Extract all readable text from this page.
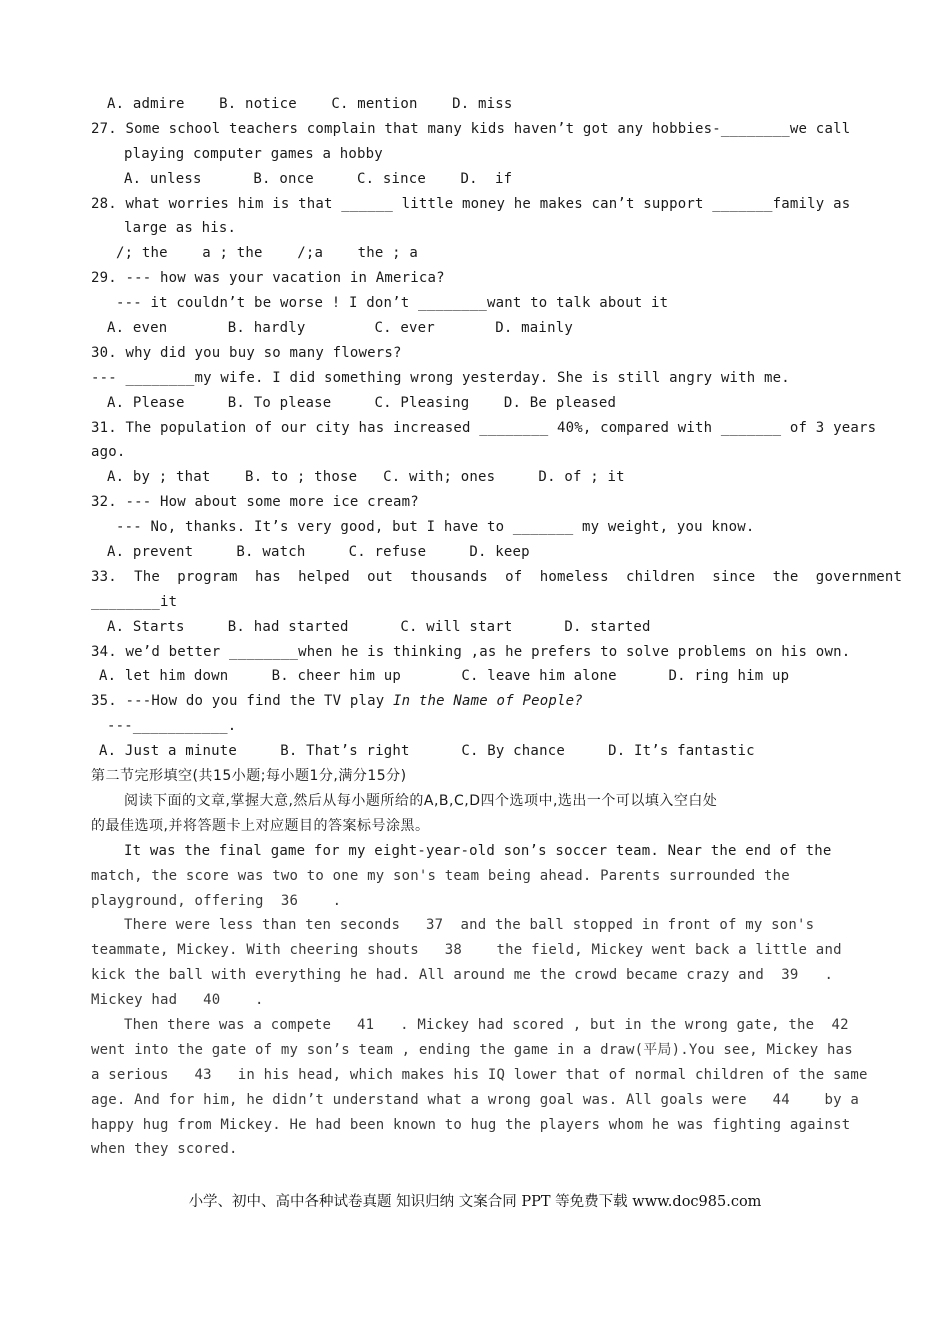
A. admire    B. notice    C. mention    D. miss
27. Some school teachers complain that many kids haven’t got any hobbies-________we call
playing computer games a hobby
A. unless      B. once     C. since    D.  if
28. what worries him is that ______ little money he makes can’t support _______family as
large as his.
/; the    a ; the    /;a    the ; a
29. --- how was your vacation in America?
--- it couldn’t be worse ! I don’t ________want to talk about it
A. even       B. hardly        C. ever       D. mainly
30. why did you buy so many flowers?
--- ________my wife. I did something wrong yesterday. She is still angry with me.
A. Please     B. To please     C. Pleasing    D. Be pleased
31. The population of our city has increased ________ 40%, compared with _______ of 3 years
ago.
A. by ; that    B. to ; those   C. with; ones     D. of ; it
32. --- How about some more ice cream?
--- No, thanks. It’s very good, but I have to _______ my weight, you know.
A. prevent     B. watch     C. refuse     D. keep
33.  The  program  has  helped  out  thousands  of  homeless  children  since  the  government
________it
A. Starts     B. had started      C. will start      D. started
34. we’d better ________when he is thinking ,as he prefers to solve problems on his own.
A. let him down     B. cheer him up       C. leave him alone      D. ring him up
35. ---How do you find the TV play In the Name of People?
---___________.
A. Just a minute     B. That’s right      C. By chance     D. It’s fantastic
第二节完形填空(共15小题;每小题1分,满分15分)
阅读下面的文章,掌握大意,然后从每小题所给的A,B,C,D四个选项中,选出一个可以填入空白处
的最佳选项,并将答题卡上对应题目的答案标号涂黑。
It was the final game for my eight-year-old son’s soccer team. Near the end of the
match, the score was two to one my son's team being ahead. Parents surrounded the
playground, offering  36    .
There were less than ten seconds   37  and the ball stopped in front of my son's
teammate, Mickey. With cheering shouts   38    the field, Mickey went back a little and
kick the ball with everything he had. All around me the crowd became crazy and  39   .
Mickey had   40    .
Then there was a compete   41   . Mickey had scored , but in the wrong gate, the  42
went into the gate of my son’s team , ending the game in a draw(平局).You see, Mickey has
a serious   43   in his head, which makes his IQ lower that of normal children of the same
age. And for him, he didn’t understand what a wrong goal was. All goals were   44    by a
happy hug from Mickey. He had been known to hug the players whom he was fighting against
when they scored.
小学、初中、高中各种试卷真题 知识归纳 文案合同 PPT 等免费下载 www.doc985.com
